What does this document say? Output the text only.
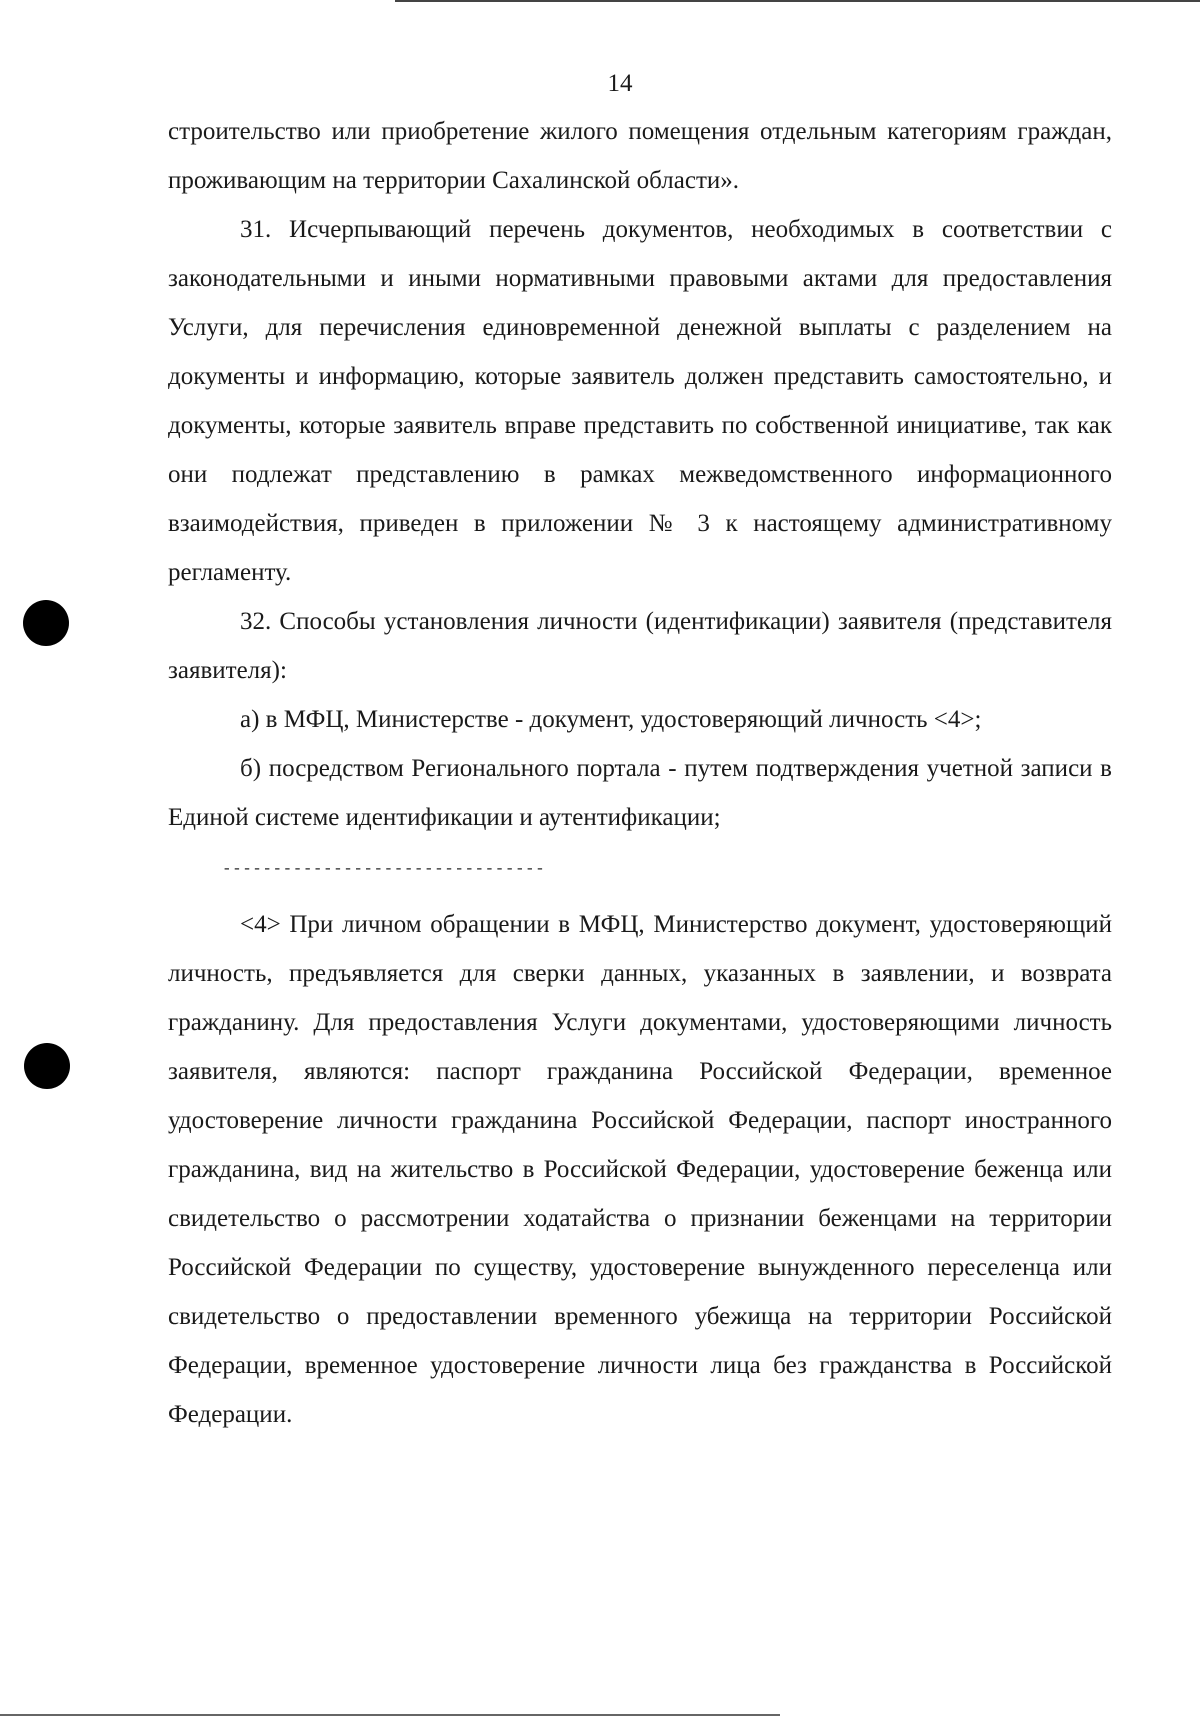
14

строительство или приобретение жилого помещения отдельным категориям граждан, проживающим на территории Сахалинской области».

31. Исчерпывающий перечень документов, необходимых в соответствии с законодательными и иными нормативными правовыми актами для предоставления Услуги, для перечисления единовременной денежной выплаты с разделением на документы и информацию, которые заявитель должен представить самостоятельно, и документы, которые заявитель вправе представить по собственной инициативе, так как они подлежат представлению в рамках межведомственного информационного взаимодействия, приведен в приложении № 3 к настоящему административному регламенту.

32. Способы установления личности (идентификации) заявителя (представителя заявителя):

а) в МФЦ, Министерстве - документ, удостоверяющий личность <4>;

б) посредством Регионального портала - путем подтверждения учетной записи в Единой системе идентификации и аутентификации;

--------------------------------

<4> При личном обращении в МФЦ, Министерство документ, удостоверяющий личность, предъявляется для сверки данных, указанных в заявлении, и возврата гражданину. Для предоставления Услуги документами, удостоверяющими личность заявителя, являются: паспорт гражданина Российской Федерации, временное удостоверение личности гражданина Российской Федерации, паспорт иностранного гражданина, вид на жительство в Российской Федерации, удостоверение беженца или свидетельство о рассмотрении ходатайства о признании беженцами на территории Российской Федерации по существу, удостоверение вынужденного переселенца или свидетельство о предоставлении временного убежища на территории Российской Федерации, временное удостоверение личности лица без гражданства в Российской Федерации.
